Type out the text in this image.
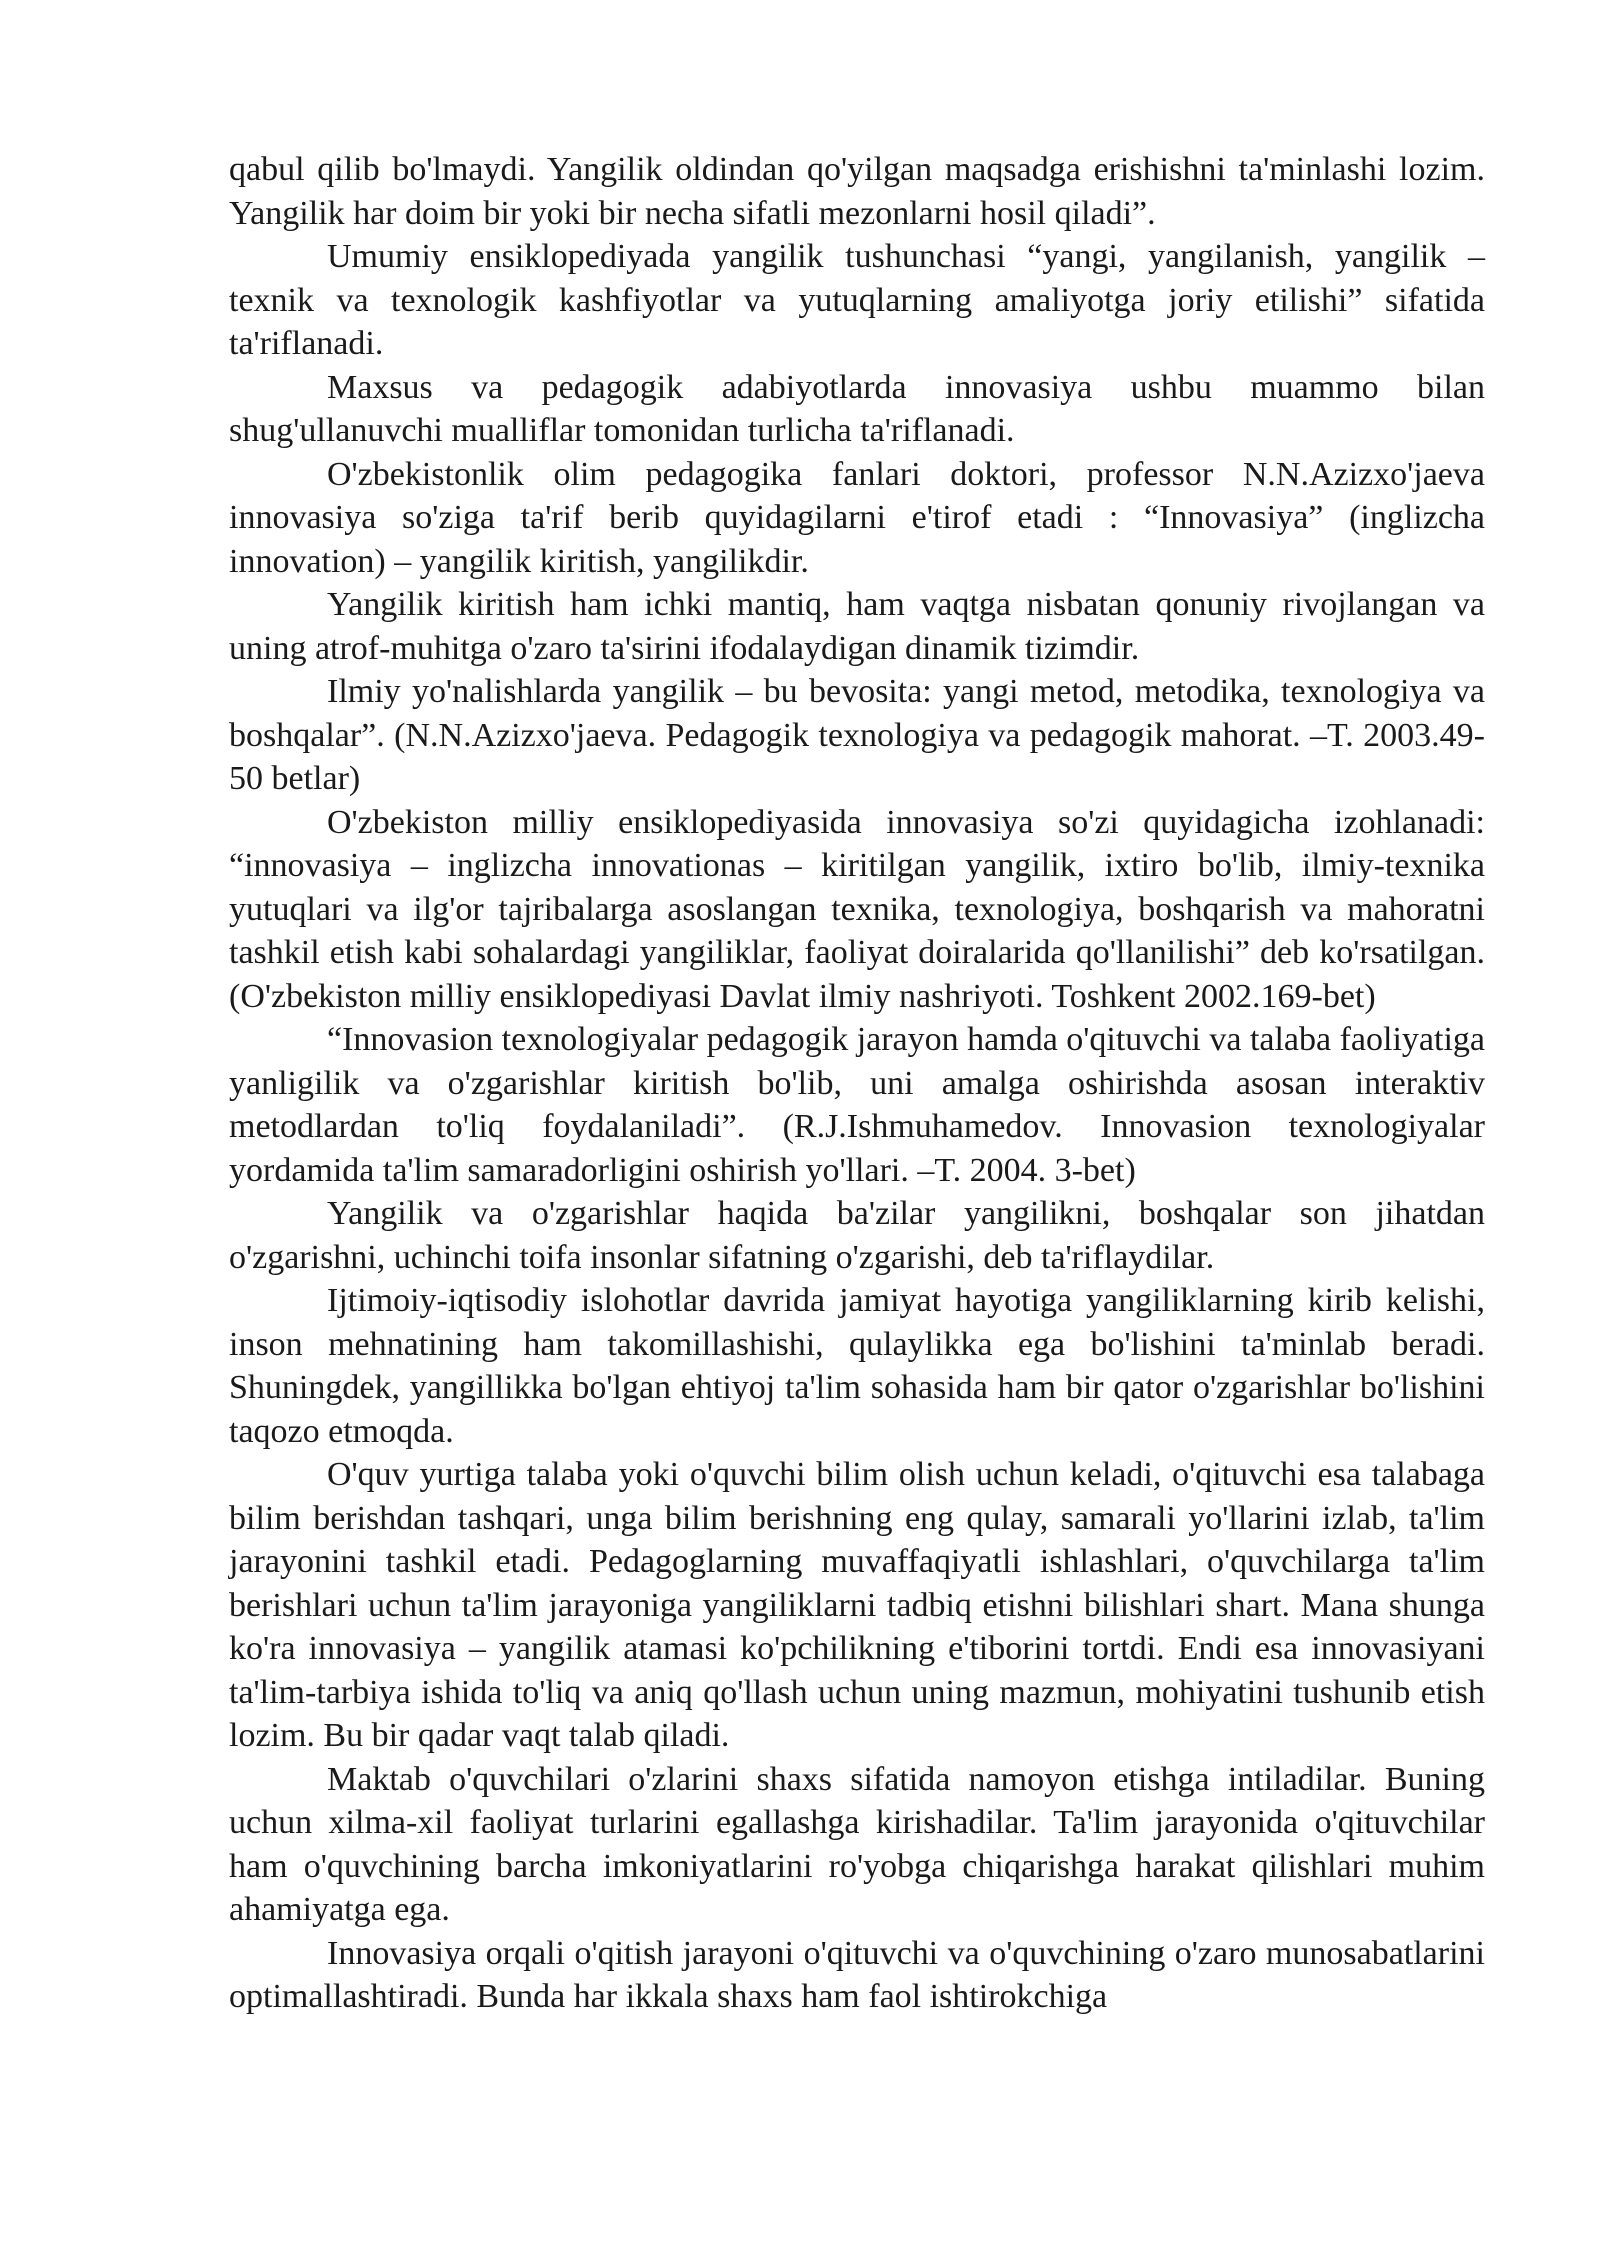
qabul qilib bo'lmaydi. Yangilik oldindan qo'yilgan maqsadga erishishni ta'minlashi lozim. Yangilik har doim bir yoki bir necha sifatli mezonlarni hosil qiladi”.

Umumiy ensiklopediyada yangilik tushunchasi “yangi, yangilanish, yangilik – texnik va texnologik kashfiyotlar va yutuqlarning amaliyotga joriy etilishi” sifatida ta'riflanadi.

Maxsus va pedagogik adabiyotlarda innovasiya ushbu muammo bilan shug'ullanuvchi mualliflar tomonidan turlicha ta'riflanadi.

O'zbekistonlik olim pedagogika fanlari doktori, professor N.N.Azizxo'jaeva innovasiya so'ziga ta'rif berib quyidagilarni e'tirof etadi : “Innovasiya” (inglizcha innovation) – yangilik kiritish, yangilikdir.

Yangilik kiritish ham ichki mantiq, ham vaqtga nisbatan qonuniy rivojlangan va uning atrof-muhitga o'zaro ta'sirini ifodalaydigan dinamik tizimdir.

Ilmiy yo'nalishlarda yangilik – bu bevosita: yangi metod, metodika, texnologiya va boshqalar”. (N.N.Azizxo'jaeva. Pedagogik texnologiya va pedagogik mahorat. –T. 2003.49-50 betlar)

O'zbekiston milliy ensiklopediyasida innovasiya so'zi quyidagicha izohlanadi: “innovasiya – inglizcha innovationas – kiritilgan yangilik, ixtiro bo'lib, ilmiy-texnika yutuqlari va ilg'or tajribalarga asoslangan texnika, texnologiya, boshqarish va mahoratni tashkil etish kabi sohalardagi yangiliklar, faoliyat doiralarida qo'llanilishi” deb ko'rsatilgan. (O'zbekiston milliy ensiklopediyasi Davlat ilmiy nashriyoti. Toshkent 2002.169-bet)

“Innovasion texnologiyalar pedagogik jarayon hamda o'qituvchi va talaba faoliyatiga yanligilik va o'zgarishlar kiritish bo'lib, uni amalga oshirishda asosan interaktiv metodlardan to'liq foydalaniladi”. (R.J.Ishmuhamedov. Innovasion texnologiyalar yordamida ta'lim samaradorligini oshirish yo'llari. –T. 2004. 3-bet)

Yangilik va o'zgarishlar haqida ba'zilar yangilikni, boshqalar son jihatdan o'zgarishni, uchinchi toifa insonlar sifatning o'zgarishi, deb ta'riflaydilar.

Ijtimoiy-iqtisodiy islohotlar davrida jamiyat hayotiga yangiliklarning kirib kelishi, inson mehnatining ham takomillashishi, qulaylikka ega bo'lishini ta'minlab beradi. Shuningdek, yangillikka bo'lgan ehtiyoj ta'lim sohasida ham bir qator o'zgarishlar bo'lishini taqozo etmoqda.

O'quv yurtiga talaba yoki o'quvchi bilim olish uchun keladi, o'qituvchi esa talabaga bilim berishdan tashqari, unga bilim berishning eng qulay, samarali yo'llarini izlab, ta'lim jarayonini tashkil etadi. Pedagoglarning muvaffaqiyatli ishlashlari, o'quvchilarga ta'lim berishlari uchun ta'lim jarayoniga yangiliklarni tadbiq etishni bilishlari shart. Mana shunga ko'ra innovasiya – yangilik atamasi ko'pchilikning e'tiborini tortdi. Endi esa innovasiyani ta'lim-tarbiya ishida to'liq va aniq qo'llash uchun uning mazmun, mohiyatini tushunib etish lozim. Bu bir qadar vaqt talab qiladi.

Maktab o'quvchilari o'zlarini shaxs sifatida namoyon etishga intiladilar. Buning uchun xilma-xil faoliyat turlarini egallashga kirishadilar. Ta'lim jarayonida o'qituvchilar ham o'quvchining barcha imkoniyatlarini ro'yobga chiqarishga harakat qilishlari muhim ahamiyatga ega.

Innovasiya orqali o'qitish jarayoni o'qituvchi va o'quvchining o'zaro munosabatlarini optimallashtiradi. Bunda har ikkala shaxs ham faol ishtirokchiga
